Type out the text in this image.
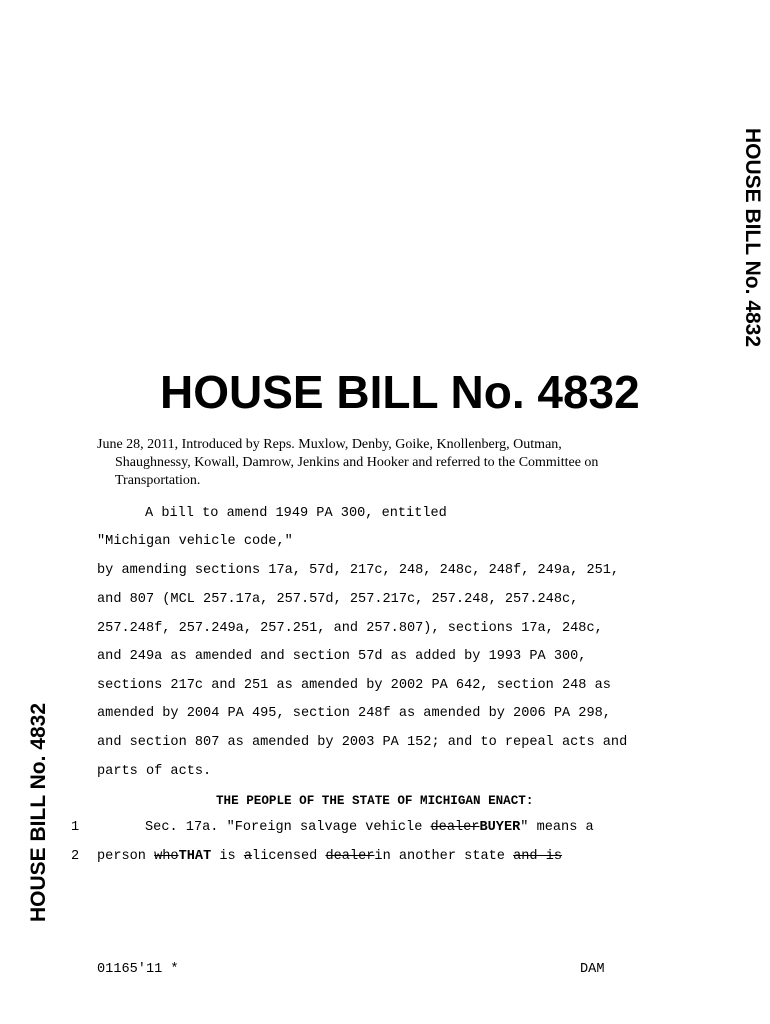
HOUSE BILL No. 4832
HOUSE BILL No. 4832
HOUSE BILL No. 4832
June 28, 2011, Introduced by Reps. Muxlow, Denby, Goike, Knollenberg, Outman,
Shaughnessy, Kowall, Damrow, Jenkins and Hooker and referred to the Committee on
Transportation.
A bill to amend 1949 PA 300, entitled
"Michigan vehicle code,"
by amending sections 17a, 57d, 217c, 248, 248c, 248f, 249a, 251,
and 807 (MCL 257.17a, 257.57d, 257.217c, 257.248, 257.248c,
257.248f, 257.249a, 257.251, and 257.807), sections 17a, 248c,
and 249a as amended and section 57d as added by 1993 PA 300,
sections 217c and 251 as amended by 2002 PA 642, section 248 as
amended by 2004 PA 495, section 248f as amended by 2006 PA 298,
and section 807 as amended by 2003 PA 152; and to repeal acts and
parts of acts.
THE PEOPLE OF THE STATE OF MICHIGAN ENACT:
1	Sec. 17a. "Foreign salvage vehicle dealerBUYER" means a
2 person whoTHAT is alicensed dealerin another state and is
01165'11 *	DAM
